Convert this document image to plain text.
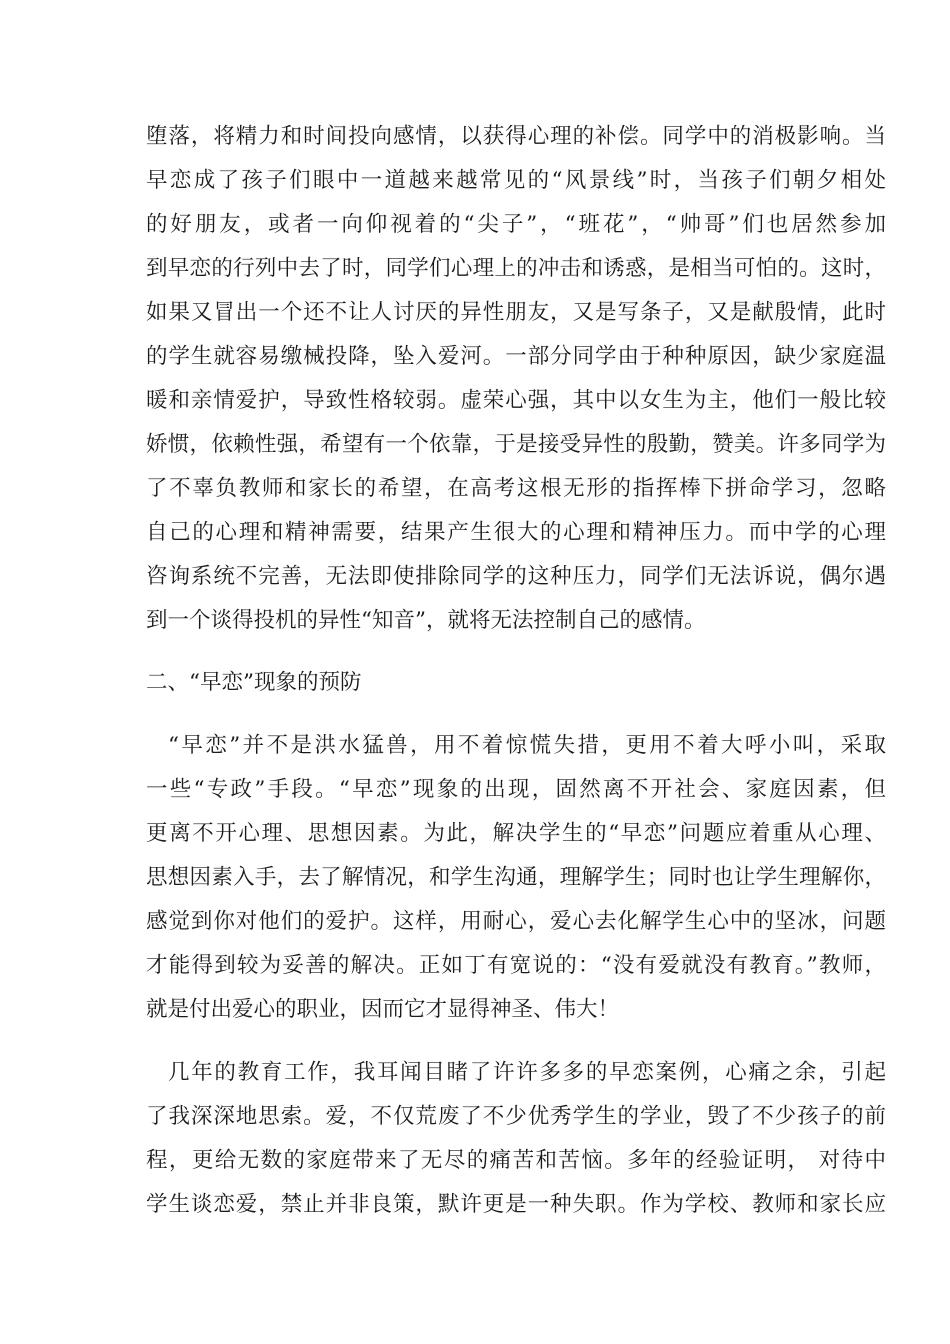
堕落，将精力和时间投向感情，以获得心理的补偿。同学中的消极影响。当
早恋成了孩子们眼中一道越来越常见的“风景线”时，当孩子们朝夕相处
的好朋友，或者一向仰视着的“尖子”，“班花”，“帅哥”们也居然参加
到早恋的行列中去了时，同学们心理上的冲击和诱惑，是相当可怕的。这时，
如果又冒出一个还不让人讨厌的异性朋友，又是写条子，又是献殷情，此时
的学生就容易缴械投降，坠入爱河。一部分同学由于种种原因，缺少家庭温
暖和亲情爱护，导致性格较弱。虚荣心强，其中以女生为主，他们一般比较
娇惯，依赖性强，希望有一个依靠，于是接受异性的殷勤，赞美。许多同学为
了不辜负教师和家长的希望，在高考这根无形的指挥棒下拼命学习，忽略
自己的心理和精神需要，结果产生很大的心理和精神压力。而中学的心理
咨询系统不完善，无法即使排除同学的这种压力，同学们无法诉说，偶尔遇
到一个谈得投机的异性“知音”，就将无法控制自己的感情。
二、“早恋”现象的预防
“早恋”并不是洪水猛兽，用不着惊慌失措，更用不着大呼小叫，采取
一些“专政”手段。“早恋”现象的出现，固然离不开社会、家庭因素，但
更离不开心理、思想因素。为此，解决学生的“早恋”问题应着重从心理、
思想因素入手，去了解情况，和学生沟通，理解学生；同时也让学生理解你，
感觉到你对他们的爱护。这样，用耐心，爱心去化解学生心中的坚冰，问题
才能得到较为妥善的解决。正如丁有宽说的：“没有爱就没有教育。”教师，
就是付出爱心的职业，因而它才显得神圣、伟大！
几年的教育工作，我耳闻目睹了许许多多的早恋案例，心痛之余，引起
了我深深地思索。爱，不仅荒废了不少优秀学生的学业，毁了不少孩子的前
程，更给无数的家庭带来了无尽的痛苦和苦恼。多年的经验证明， 对待中
学生谈恋爱，禁止并非良策，默许更是一种失职。作为学校、教师和家长应
